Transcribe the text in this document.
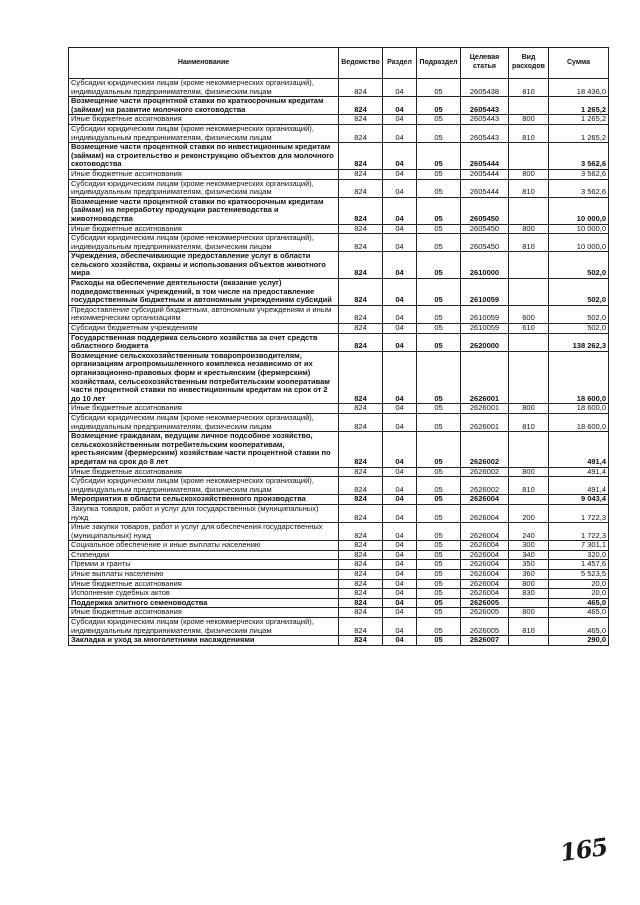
Наименование	Ведомство	Раздел	Подраздел	Целевая статья	Вид расходов	Сумма
Субсидии юридическим лицам (кроме некоммерческих организаций), индивидуальным предпринимателям, физическим лицам	824	04	05	2605438	810	18 436,0
Возмещение части процентной ставки по краткосрочным кредитам (займам) на развитие молочного скотоводства	824	04	05	2605443		1 265,2
Иные бюджетные ассигнования	824	04	05	2605443	800	1 265,2
Субсидии юридическим лицам (кроме некоммерческих организаций), индивидуальным предпринимателям, физическим лицам	824	04	05	2605443	810	1 265,2
Возмещение части процентной ставки по инвестиционным кредитам (займам) на строительство и реконструкцию объектов для молочного скотоводства	824	04	05	2605444		3 562,6
Иные бюджетные ассигнования	824	04	05	2605444	800	3 562,6
Субсидии юридическим лицам (кроме некоммерческих организаций), индивидуальным предпринимателям, физическим лицам	824	04	05	2605444	810	3 562,6
Возмещение части процентной ставки по краткосрочным кредитам (займам) на переработку продукции растениеводства и животноводства	824	04	05	2605450		10 000,0
Иные бюджетные ассигнования	824	04	05	2605450	800	10 000,0
Субсидии юридическим лицам (кроме некоммерческих организаций), индивидуальным предпринимателям, физическим лицам	824	04	05	2605450	810	10 000,0
Учреждения, обеспечивающие предоставление услуг в области сельского хозяйства, охраны и использования объектов животного мира	824	04	05	2610000		502,0
Расходы на обеспечение деятельности (оказание услуг) подведомственных учреждений, в том числе на предоставление государственным бюджетным и автономным учреждениям субсидий	824	04	05	2610059		502,0
Предоставление субсидий бюджетным, автономным учреждениям и иным некоммерческим организациям	824	04	05	2610059	600	502,0
Субсидии бюджетным учреждениям	824	04	05	2610059	610	502,0
Государственная поддержка сельского хозяйства за счет средств областного бюджета	824	04	05	2620000		138 262,3
Возмещение сельскохозяйственным товаропроизводителям, организациям агропромышленного комплекса независимо от их организационно-правовых форм и крестьянским (фермерским) хозяйствам, сельскохозяйственным потребительским кооперативам части процентной ставки по инвестиционным кредитам на срок от 2 до 10 лет	824	04	05	2626001		18 600,0
Иные бюджетные ассигнования	824	04	05	2626001	800	18 600,0
Субсидии юридическим лицам (кроме некоммерческих организаций), индивидуальным предпринимателям, физическим лицам	824	04	05	2626001	810	18 600,0
Возмещение гражданам, ведущим личное подсобное хозяйство, сельскохозяйственным потребительским кооперативам, крестьянским (фермерским) хозяйствам части процентной ставки по кредитам на срок до 8 лет	824	04	05	2626002		491,4
Иные бюджетные ассигнования	824	04	05	2626002	800	491,4
Субсидии юридическим лицам (кроме некоммерческих организаций), индивидуальным предпринимателям, физическим лицам	824	04	05	2626002	810	491,4
Мероприятия в области сельскохозяйственного производства	824	04	05	2626004		9 043,4
Закупка товаров, работ и услуг для государственных (муниципальных) нужд	824	04	05	2626004	200	1 722,3
Иные закупки товаров, работ и услуг для обеспечения государственных (муниципальных) нужд	824	04	05	2626004	240	1 722,3
Социальное обеспечение и иные выплаты населению	824	04	05	2626004	300	7 301,1
Стипендии	824	04	05	2626004	340	320,0
Премии и гранты	824	04	05	2626004	350	1 457,6
Иные выплаты населению	824	04	05	2626004	360	5 523,5
Иные бюджетные ассигнования	824	04	05	2626004	800	20,0
Исполнение судебных актов	824	04	05	2626004	830	20,0
Поддержка элитного семеноводства	824	04	05	2626005		465,0
Иные бюджетные ассигнования	824	04	05	2626005	800	465,0
Субсидии юридическим лицам (кроме некоммерческих организаций), индивидуальным предпринимателям, физическим лицам	824	04	05	2626005	810	465,0
Закладка и уход за многолетними насаждениями	824	04	05	2626007		290,0
165
